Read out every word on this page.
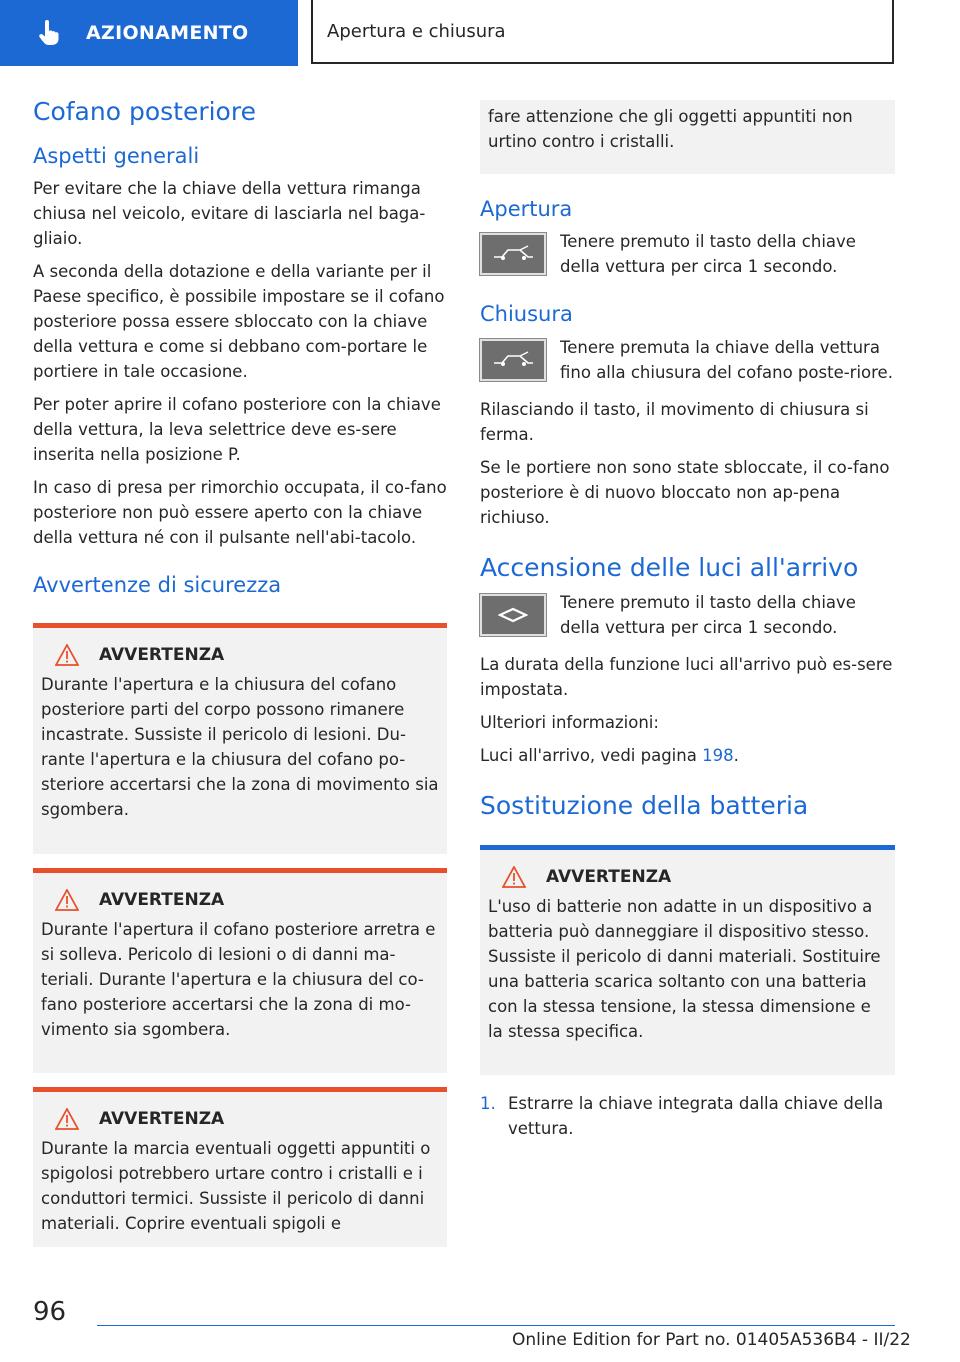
AZIONAMENTO	Apertura e chiusura
Cofano posteriore
Aspetti generali

Per evitare che la chiave della vettura rimanga chiusa nel veicolo, evitare di lasciarla nel baga-gliaio.

A seconda della dotazione e della variante per il Paese specifico, è possibile impostare se il cofano posteriore possa essere sbloccato con la chiave della vettura e come si debbano com-portare le portiere in tale occasione.

Per poter aprire il cofano posteriore con la chiave della vettura, la leva selettrice deve es-sere inserita nella posizione P.

In caso di presa per rimorchio occupata, il co-fano posteriore non può essere aperto con la chiave della vettura né con il pulsante nell'abi-tacolo.

Avvertenze di sicurezza
AVVERTENZA

Durante l'apertura e la chiusura del cofano posteriore parti del corpo possono rimanere incastrate. Sussiste il pericolo di lesioni. Du-rante l'apertura e la chiusura del cofano po-steriore accertarsi che la zona di movimento sia sgombera.

AVVERTENZA

Durante l'apertura il cofano posteriore arretra e si solleva. Pericolo di lesioni o di danni ma-teriali. Durante l'apertura e la chiusura del co-fano posteriore accertarsi che la zona di mo-vimento sia sgombera.

AVVERTENZA

Durante la marcia eventuali oggetti appuntiti o spigolosi potrebbero urtare contro i cristalli e i conduttori termici. Sussiste il pericolo di danni materiali. Coprire eventuali spigoli e

fare attenzione che gli oggetti appuntiti non urtino contro i cristalli.

Apertura

Tenere premuto il tasto della chiave della vettura per circa 1 secondo.

Chiusura

Tenere premuta la chiave della vettura fino alla chiusura del cofano poste-riore.

Rilasciando il tasto, il movimento di chiusura si ferma.

Se le portiere non sono state sbloccate, il co-fano posteriore è di nuovo bloccato non ap-pena richiuso.

Accensione delle luci all'arrivo

Tenere premuto il tasto della chiave della vettura per circa 1 secondo.

La durata della funzione luci all'arrivo può es-sere impostata.

Ulteriori informazioni:

Luci all'arrivo, vedi pagina 198.

Sostituzione della batteria
AVVERTENZA

L'uso di batterie non adatte in un dispositivo a batteria può danneggiare il dispositivo stesso. Sussiste il pericolo di danni materiali. Sostituire una batteria scarica soltanto con una batteria con la stessa tensione, la stessa dimensione e la stessa specifica.

1. Estrarre la chiave integrata dalla chiave della vettura.

96
Online Edition for Part no. 01405A536B4 - II/22
